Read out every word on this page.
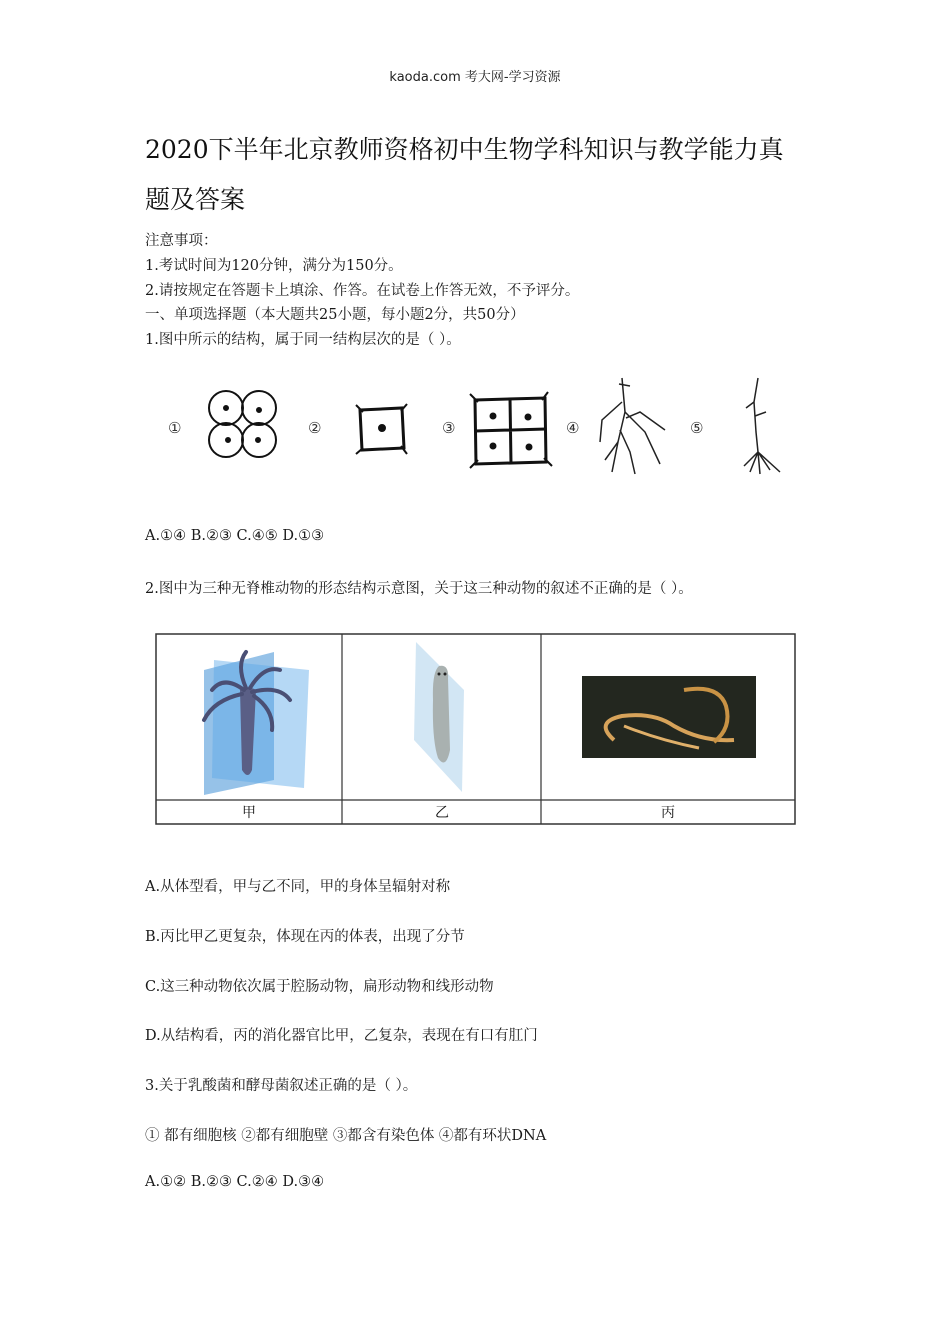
kaoda.com 考大网-学习资源
2020下半年北京教师资格初中生物学科知识与教学能力真
题及答案
注意事项：
1.考试时间为120分钟，满分为150分。
2.请按规定在答题卡上填涂、作答。在试卷上作答无效，不予评分。
一、单项选择题（本大题共25小题，每小题2分，共50分）
1.图中所示的结构，属于同一结构层次的是（ ）。
①	②	③	④	⑤
A.①④ B.②③ C.④⑤ D.①③
2.图中为三种无脊椎动物的形态结构示意图，关于这三种动物的叙述不正确的是（ ）。
甲	乙	丙
A.从体型看，甲与乙不同，甲的身体呈辐射对称
B.丙比甲乙更复杂，体现在丙的体表，出现了分节
C.这三种动物依次属于腔肠动物，扁形动物和线形动物
D.从结构看，丙的消化器官比甲，乙复杂，表现在有口有肛门
3.关于乳酸菌和酵母菌叙述正确的是（ ）。
① 都有细胞核 ②都有细胞壁 ③都含有染色体 ④都有环状DNA
A.①② B.②③ C.②④ D.③④
